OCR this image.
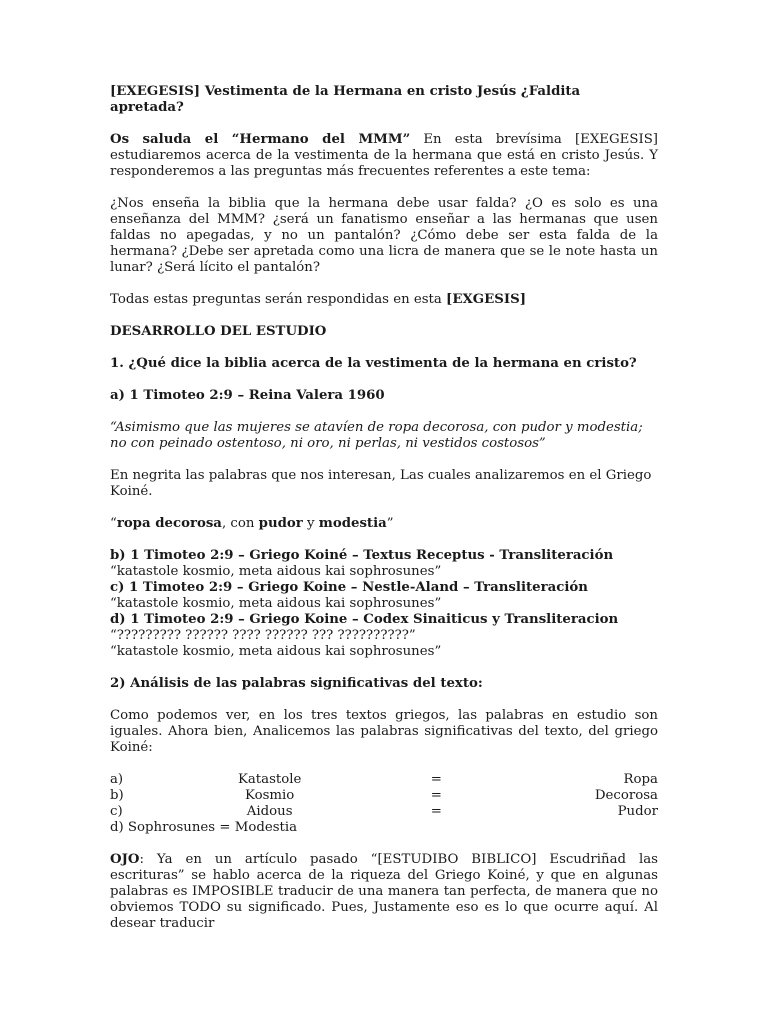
[EXEGESIS] Vestimenta de la Hermana en cristo Jesús ¿Faldita apretada?

Os saluda el “Hermano del MMM” En esta brevísima [EXEGESIS] estudiaremos acerca de la vestimenta de la hermana que está en cristo Jesús. Y responderemos a las preguntas más frecuentes referentes a este tema:

¿Nos enseña la biblia que la hermana debe usar falda? ¿O es solo es una enseñanza del MMM? ¿será un fanatismo enseñar a las hermanas que usen faldas no apegadas, y no un pantalón? ¿Cómo debe ser esta falda de la hermana? ¿Debe ser apretada como una licra de manera que se le note hasta un lunar? ¿Será lícito el pantalón?

Todas estas preguntas serán respondidas en esta [EXGESIS]

DESARROLLO DEL ESTUDIO

1. ¿Qué dice la biblia acerca de la vestimenta de la hermana en cristo?

a) 1 Timoteo 2:9 – Reina Valera 1960

“Asimismo que las mujeres se atavíen de ropa decorosa, con pudor y modestia; no con peinado ostentoso, ni oro, ni perlas, ni vestidos costosos”

En negrita las palabras que nos interesan, Las cuales analizaremos en el Griego Koiné.

“ropa decorosa, con pudor y modestia”

b) 1 Timoteo 2:9 – Griego Koiné – Textus Receptus - Transliteración

“katastole kosmio, meta aidous kai sophrosunes”

c) 1 Timoteo 2:9 – Griego Koine – Nestle-Aland – Transliteración

“katastole kosmio, meta aidous kai sophrosunes”

d) 1 Timoteo 2:9 – Griego Koine – Codex Sinaiticus y Transliteracion

“????????? ?????? ???? ?????? ??? ??????????”

“katastole kosmio, meta aidous kai sophrosunes”

2) Análisis de las palabras significativas del texto:

Como podemos ver, en los tres textos griegos, las palabras en estudio son iguales. Ahora bien, Analicemos las palabras significativas del texto, del griego Koiné:

a)	Katastole	=	Ropa
b)	Kosmio	=	Decorosa
c)	Aidous	=	Pudor

d) Sophrosunes = Modestia

OJO: Ya en un artículo pasado “[ESTUDIBO BIBLICO] Escudriñad las escrituras” se hablo acerca de la riqueza del Griego Koiné, y que en algunas palabras es IMPOSIBLE traducir de una manera tan perfecta, de manera que no obviemos TODO su significado. Pues, Justamente eso es lo que ocurre aquí. Al desear traducir
